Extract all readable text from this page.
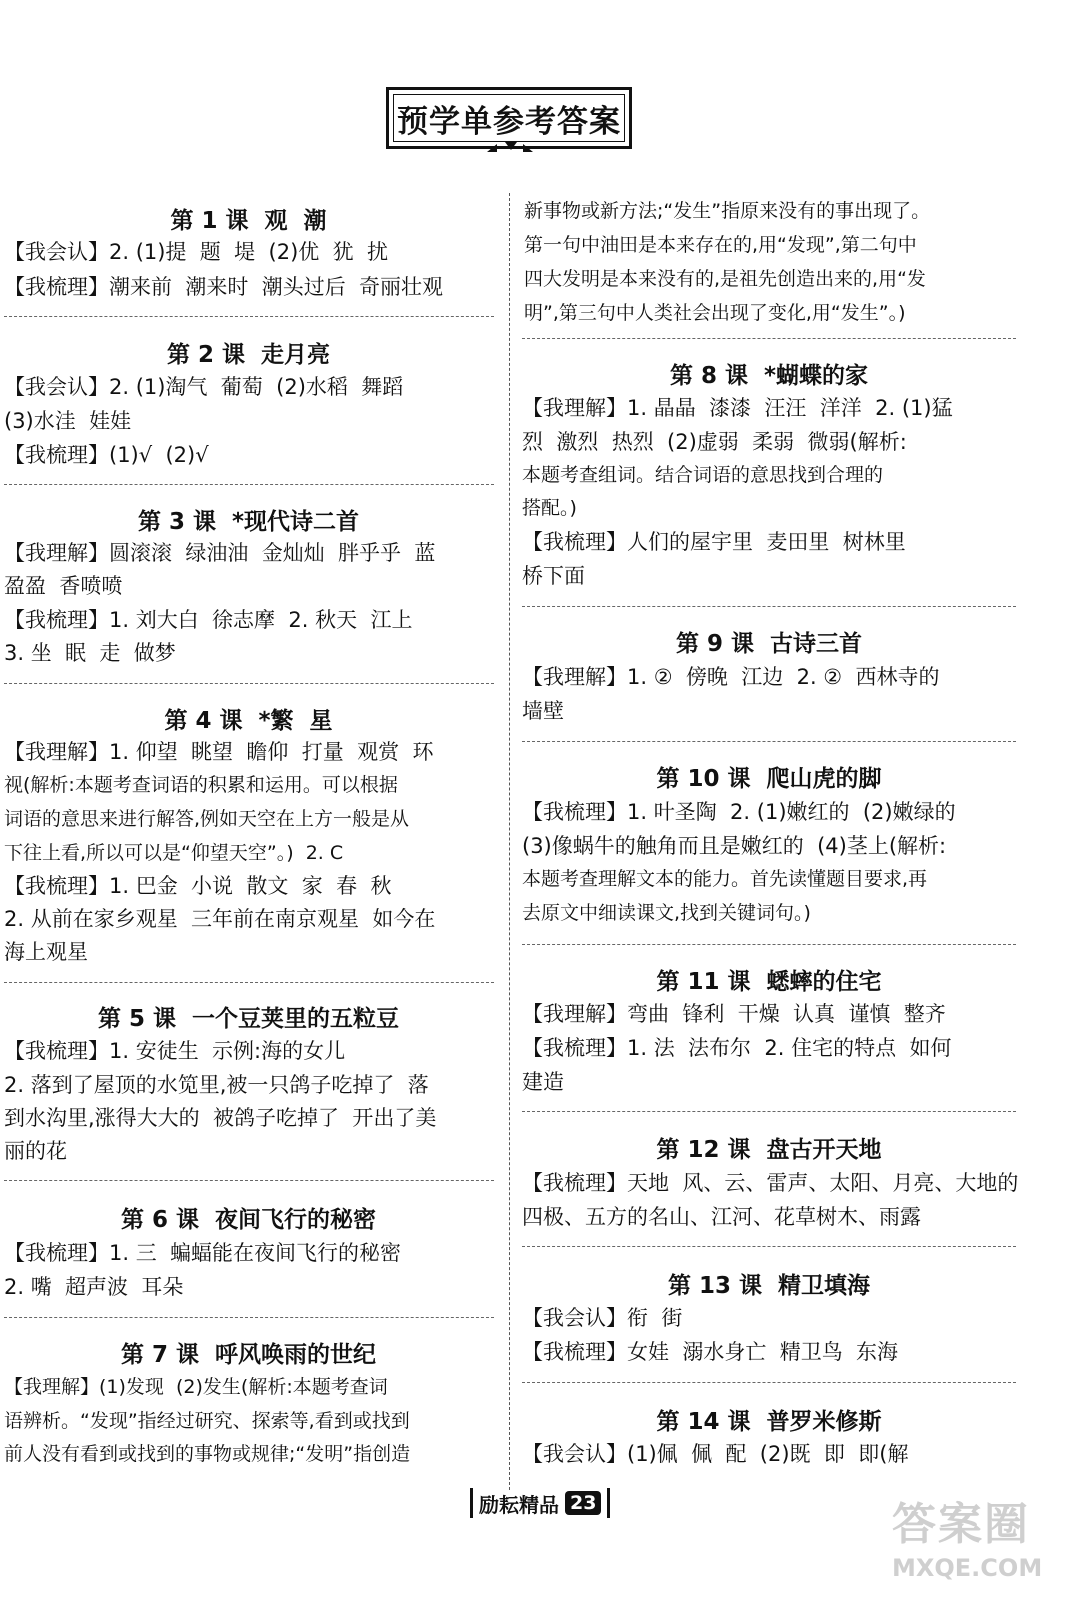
预学单参考答案
第 1 课  观  潮
【我会认】2. (1)提  题  堤  (2)优  犹  扰
【我梳理】潮来前  潮来时  潮头过后  奇丽壮观
第 2 课  走月亮
【我会认】2. (1)淘气  葡萄  (2)水稻  舞蹈
(3)水洼  娃娃
【我梳理】(1)√  (2)√
第 3 课  *现代诗二首
【我理解】圆滚滚  绿油油  金灿灿  胖乎乎  蓝
盈盈  香喷喷
【我梳理】1. 刘大白  徐志摩  2. 秋天  江上
3. 坐  眠  走  做梦
第 4 课  *繁  星
【我理解】1. 仰望  眺望  瞻仰  打量  观赏  环
视(解析:本题考查词语的积累和运用。可以根据
词语的意思来进行解答,例如天空在上方一般是从
下往上看,所以可以是“仰望天空”。)  2. C
【我梳理】1. 巴金  小说  散文  家  春  秋
2. 从前在家乡观星  三年前在南京观星  如今在
海上观星
第 5 课  一个豆荚里的五粒豆
【我梳理】1. 安徒生  示例:海的女儿
2. 落到了屋顶的水笕里,被一只鸽子吃掉了  落
到水沟里,涨得大大的  被鸽子吃掉了  开出了美
丽的花
第 6 课  夜间飞行的秘密
【我梳理】1. 三  蝙蝠能在夜间飞行的秘密
2. 嘴  超声波  耳朵
第 7 课  呼风唤雨的世纪
【我理解】(1)发现  (2)发生(解析:本题考查词
语辨析。“发现”指经过研究、探索等,看到或找到
前人没有看到或找到的事物或规律;“发明”指创造
新事物或新方法;“发生”指原来没有的事出现了。
第一句中油田是本来存在的,用“发现”,第二句中
四大发明是本来没有的,是祖先创造出来的,用“发
明”,第三句中人类社会出现了变化,用“发生”。)
第 8 课  *蝴蝶的家
【我理解】1. 晶晶  漆漆  汪汪  洋洋  2. (1)猛
烈  激烈  热烈  (2)虚弱  柔弱  微弱(解析:
本题考查组词。结合词语的意思找到合理的
搭配。)
【我梳理】人们的屋宇里  麦田里  树林里
桥下面
第 9 课  古诗三首
【我理解】1. ②  傍晚  江边  2. ②  西林寺的
墙壁
第 10 课  爬山虎的脚
【我梳理】1. 叶圣陶  2. (1)嫩红的  (2)嫩绿的
(3)像蜗牛的触角而且是嫩红的  (4)茎上(解析:
本题考查理解文本的能力。首先读懂题目要求,再
去原文中细读课文,找到关键词句。)
第 11 课  蟋蟀的住宅
【我理解】弯曲  锋利  干燥  认真  谨慎  整齐
【我梳理】1. 法  法布尔  2. 住宅的特点  如何
建造
第 12 课  盘古开天地
【我梳理】天地  风、云、雷声、太阳、月亮、大地的
四极、五方的名山、江河、花草树木、雨露
第 13 课  精卫填海
【我会认】衔  街
【我梳理】女娃  溺水身亡  精卫鸟  东海
第 14 课  普罗米修斯
【我会认】(1)佩  佩  配  (2)既  即  即(解
励耘精品 23	答案圈
MXQE.COM
